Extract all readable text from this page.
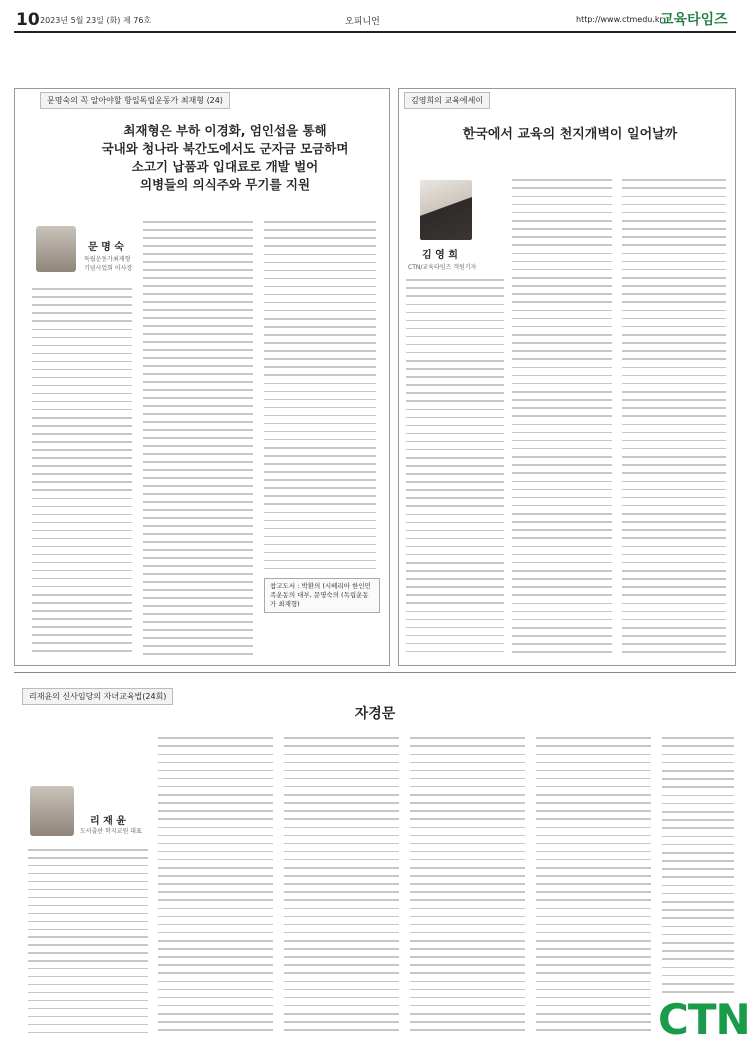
10 2023년 5월 23일 (화) 제 76호	오피니언	http://www.ctmedu.kr
교육타임즈
문명숙의 꼭 알아야할 항일독립운동가 최재형 ⟨24⟩
최재형은 부하 이경화, 엄인섭을 통해
국내와 청나라 북간도에서도 군자금 모금하며
소고기 납품과 입대료로 개발 벌어
의병들의 의식주와 무기를 지원
문 명 숙
독립운동가최재형
기념사업회 이사장
참고도서 : 박환의 (시베리아 한인민족운동의 대부, 문명숙의 (독립운동가 최재형)
김영희의 교육에세이
한국에서 교육의 천지개벽이 일어날까
김 영 희
CTN/교육타임즈 객원기자
리재윤의 신사임당의 자녀교육법(24회)
자경문
리 재 윤
도서출판 학지교원 대표
CTN
